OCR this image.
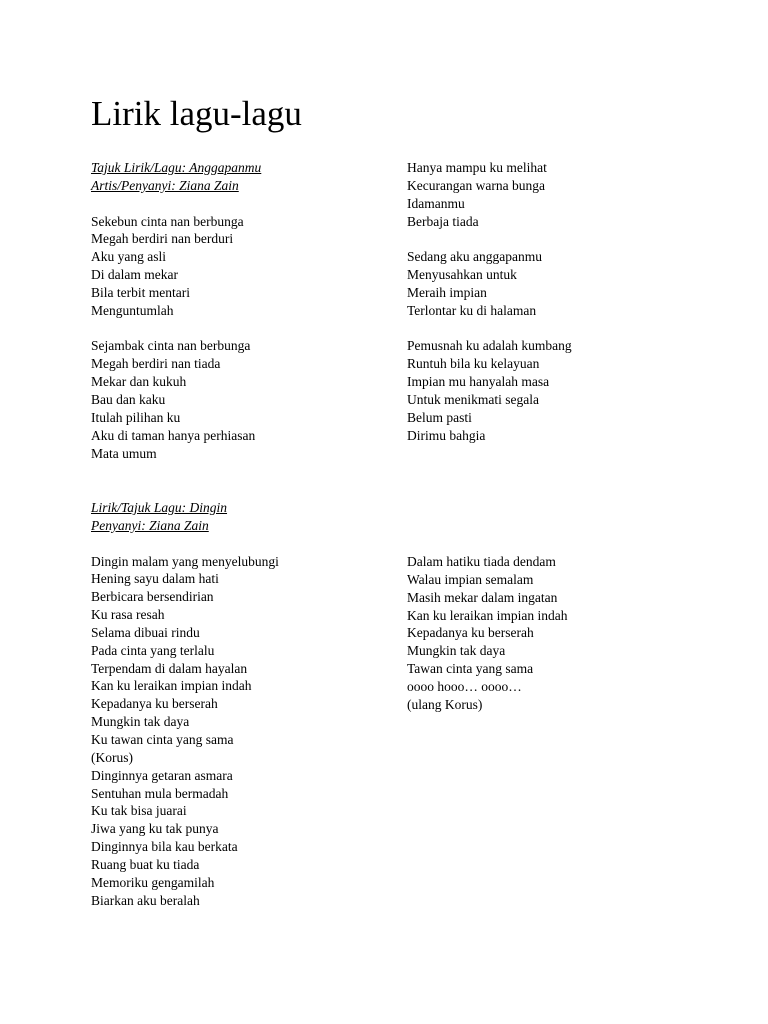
Lirik lagu-lagu
Tajuk Lirik/Lagu: Anggapanmu
Artis/Penyanyi: Ziana Zain
Sekebun cinta nan berbunga
Megah berdiri nan berduri
Aku yang asli
Di dalam mekar
Bila terbit mentari
Menguntumlah
Sejambak cinta nan berbunga
Megah berdiri nan tiada
Mekar dan kukuh
Bau dan kaku
Itulah pilihan ku
Aku di taman hanya perhiasan
Mata umum
Hanya mampu ku melihat
Kecurangan warna bunga
Idamanmu
Berbaja tiada
Sedang aku anggapanmu
Menyusahkan untuk
Meraih impian
Terlontar ku di halaman
Pemusnah ku adalah kumbang
Runtuh bila ku kelayuan
Impian mu hanyalah masa
Untuk menikmati segala
Belum pasti
Dirimu bahgia
Lirik/Tajuk Lagu: Dingin
Penyanyi: Ziana Zain
Dingin malam yang menyelubungi
Hening sayu dalam hati
Berbicara bersendirian
Ku rasa resah
Selama dibuai rindu
Pada cinta yang terlalu
Terpendam di dalam hayalan
Kan ku leraikan impian indah
Kepadanya ku berserah
Mungkin tak daya
Ku tawan cinta yang sama
(Korus)
Dinginnya getaran asmara
Sentuhan mula bermadah
Ku tak bisa juarai
Jiwa yang ku tak punya
Dinginnya bila kau berkata
Ruang buat ku tiada
Memoriku gengamilah
Biarkan aku beralah
Dalam hatiku tiada dendam
Walau impian semalam
Masih mekar dalam ingatan
Kan ku leraikan impian indah
Kepadanya ku berserah
Mungkin tak daya
Tawan cinta yang sama
oooo hooo… oooo…
(ulang Korus)
